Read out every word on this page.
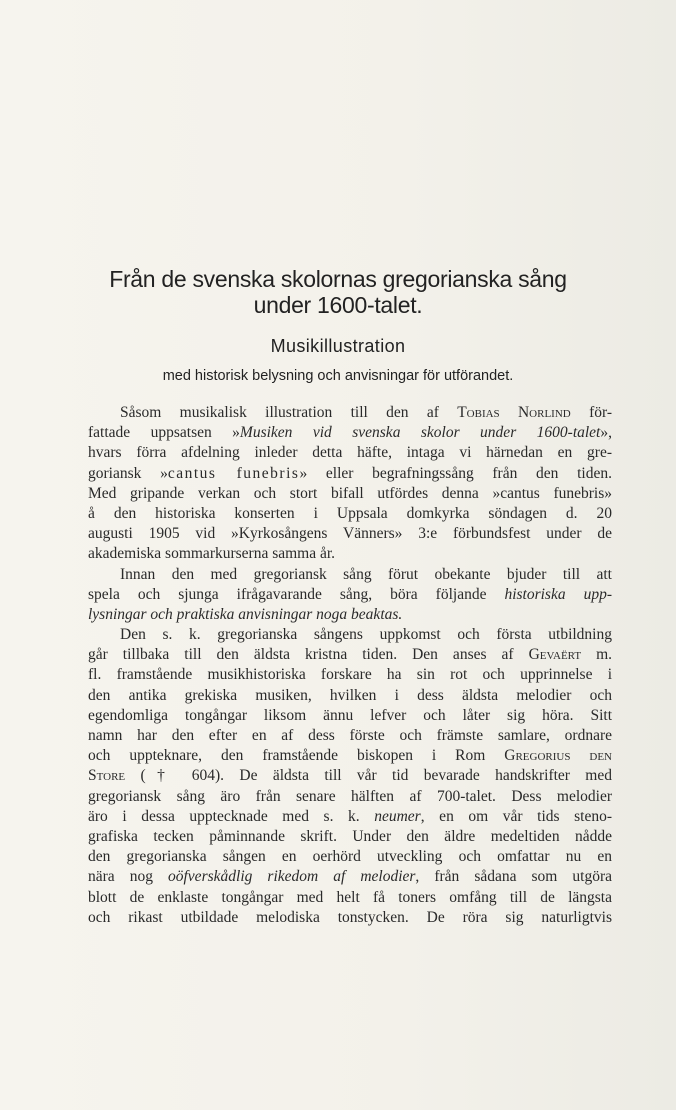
Från de svenska skolornas gregorianska sång
under 1600-talet.
Musikillustration
med historisk belysning och anvisningar för utförandet.
Såsom musikalisk illustration till den af Tobias Norlind för-
fattade uppsatsen »Musiken vid svenska skolor under 1600-talet»,
hvars förra afdelning inleder detta häfte, intaga vi härnedan en gre-
goriansk »cantus funebris» eller begrafningssång från den tiden.
Med gripande verkan och stort bifall utfördes denna »cantus funebris»
å den historiska konserten i Uppsala domkyrka söndagen d. 20
augusti 1905 vid »Kyrkosångens Vänners» 3:e förbundsfest under de
akademiska sommarkurserna samma år.
Innan den med gregoriansk sång förut obekante bjuder till att
spela och sjunga ifrågavarande sång, böra följande historiska upp-
lysningar och praktiska anvisningar noga beaktas.
Den s. k. gregorianska sångens uppkomst och första utbildning
går tillbaka till den äldsta kristna tiden. Den anses af Gevaërt m.
fl. framstående musikhistoriska forskare ha sin rot och upprinnelse i
den antika grekiska musiken, hvilken i dess äldsta melodier och
egendomliga tongångar liksom ännu lefver och låter sig höra. Sitt
namn har den efter en af dess förste och främste samlare, ordnare
och uppteknare, den framstående biskopen i Rom Gregorius den
Store († 604). De äldsta till vår tid bevarade handskrifter med
gregoriansk sång äro från senare hälften af 700-talet. Dess melodier
äro i dessa upptecknade med s. k. neumer, en om vår tids steno-
grafiska tecken påminnande skrift. Under den äldre medeltiden nådde
den gregorianska sången en oerhörd utveckling och omfattar nu en
nära nog oöfverskådlig rikedom af melodier, från sådana som utgöra
blott de enklaste tongångar med helt få toners omfång till de längsta
och rikast utbildade melodiska tonstycken. De röra sig naturligtvis
